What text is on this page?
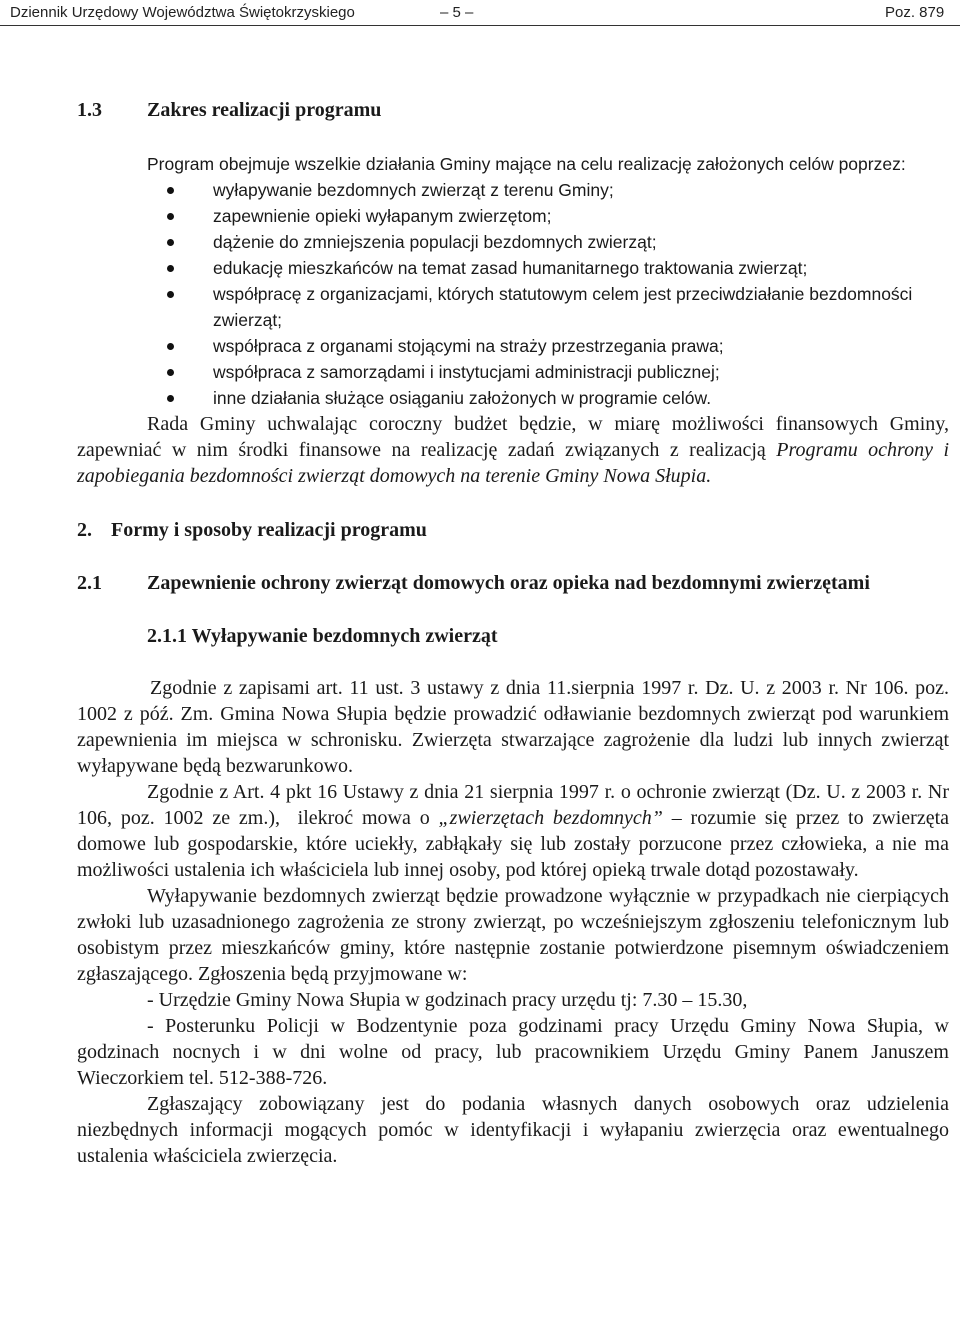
Dziennik Urzędowy Województwa Świętokrzyskiego	– 5 –	Poz. 879
1.3	Zakres realizacji programu

Program obejmuje wszelkie działania Gminy mające na celu realizację założonych celów poprzez:

wyłapywanie bezdomnych zwierząt z terenu Gminy;
zapewnienie opieki wyłapanym zwierzętom;
dążenie do zmniejszenia populacji bezdomnych zwierząt;
edukację mieszkańców na temat zasad humanitarnego traktowania zwierząt;
współpracę z organizacjami, których statutowym celem jest przeciwdziałanie bezdomności zwierząt;
współpraca z organami stojącymi na straży przestrzegania prawa;
współpraca z samorządami i instytucjami administracji publicznej;
inne działania służące osiąganiu założonych w programie celów.

Rada Gminy uchwalając coroczny budżet będzie, w miarę możliwości finansowych Gminy, zapewniać w nim środki finansowe na realizację zadań związanych z realizacją Programu ochrony i zapobiegania bezdomności zwierząt domowych na terenie Gminy Nowa Słupia.

2. Formy i sposoby realizacji programu
2.1	Zapewnienie ochrony zwierząt domowych oraz opieka nad bezdomnymi zwierzętami
2.1.1 Wyłapywanie bezdomnych zwierząt

Zgodnie z zapisami art. 11 ust. 3 ustawy z dnia 11.sierpnia 1997 r. Dz. U. z 2003 r. Nr 106. poz. 1002 z póź. Zm. Gmina Nowa Słupia będzie prowadzić odławianie bezdomnych zwierząt pod warunkiem zapewnienia im miejsca w schronisku. Zwierzęta stwarzające zagrożenie dla ludzi lub innych zwierząt wyłapywane będą bezwarunkowo.

Zgodnie z Art. 4 pkt 16 Ustawy z dnia 21 sierpnia 1997 r. o ochronie zwierząt (Dz. U. z 2003 r. Nr 106, poz. 1002 ze zm.), ilekroć mowa o „zwierzętach bezdomnych” – rozumie się przez to zwierzęta domowe lub gospodarskie, które uciekły, zabłąkały się lub zostały porzucone przez człowieka, a nie ma możliwości ustalenia ich właściciela lub innej osoby, pod której opieką trwale dotąd pozostawały.

Wyłapywanie bezdomnych zwierząt będzie prowadzone wyłącznie w przypadkach nie cierpiących zwłoki lub uzasadnionego zagrożenia ze strony zwierząt, po wcześniejszym zgłoszeniu telefonicznym lub osobistym przez mieszkańców gminy, które następnie zostanie potwierdzone pisemnym oświadczeniem zgłaszającego. Zgłoszenia będą przyjmowane w:

- Urzędzie Gminy Nowa Słupia w godzinach pracy urzędu tj: 7.30 – 15.30,

- Posterunku Policji w Bodzentynie poza godzinami pracy Urzędu Gminy Nowa Słupia, w godzinach nocnych i w dni wolne od pracy, lub pracownikiem Urzędu Gminy Panem Januszem Wieczorkiem tel. 512-388-726.

Zgłaszający zobowiązany jest do podania własnych danych osobowych oraz udzielenia niezbędnych informacji mogących pomóc w identyfikacji i wyłapaniu zwierzęcia oraz ewentualnego ustalenia właściciela zwierzęcia.
